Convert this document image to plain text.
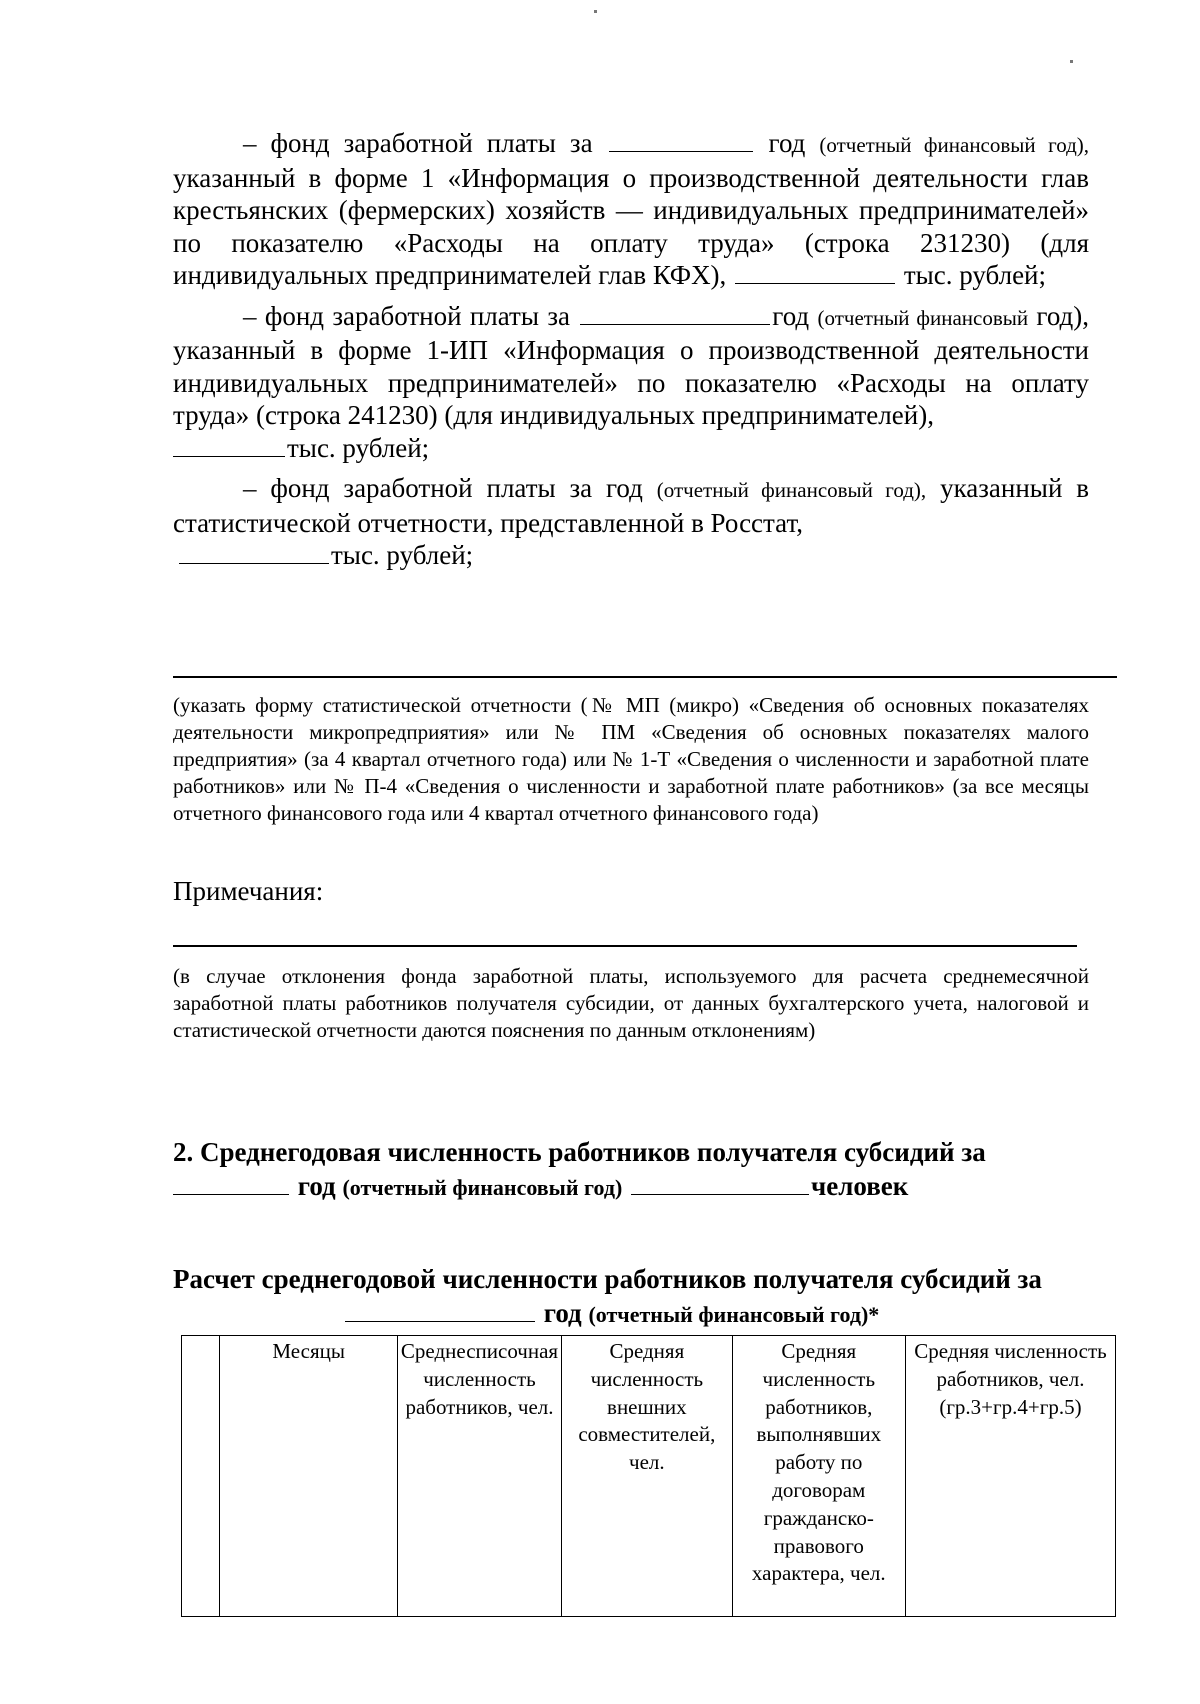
– фонд заработной платы за	год (отчетный финансовый год), указанный в форме 1 «Информация о производственной деятельности глав крестьянских (фермерских) хозяйств — индивидуальных предпринимателей» по показателю «Расходы на оплату труда» (строка 231230) (для индивидуальных предпринимателей глав КФХ),	тыс. рублей;

– фонд заработной платы за	год (отчетный финансовый год), указанный в форме 1-ИП «Информация о производственной деятельности индивидуальных предпринимателей» по показателю «Расходы на оплату труда» (строка 241230) (для индивидуальных предпринимателей),
тыс. рублей;

– фонд заработной платы за год (отчетный финансовый год), указанный в статистической отчетности, представленной в Росстат,
тыс. рублей;

(указать форму статистической отчетности (№ МП (микро) «Сведения об основных показателях деятельности микропредприятия» или № ПМ «Сведения об основных показателях малого предприятия» (за 4 квартал отчетного года) или № 1-Т «Сведения о численности и заработной плате работников» или № П-4 «Сведения о численности и заработной плате работников» (за все месяцы отчетного финансового года или 4 квартал отчетного финансового года)

Примечания:

(в случае отклонения фонда заработной платы, используемого для расчета среднемесячной заработной платы работников получателя субсидии, от данных бухгалтерского учета, налоговой и статистической отчетности даются пояснения по данным отклонениям)

2. Среднегодовая численность работников получателя субсидий за
год (отчетный финансовый год)	человек

Расчет среднегодовой численности работников получателя субсидий за
год (отчетный финансовый год)*
	Месяцы	Среднесписочная численность работников, чел.	Средняя численность внешних совместителей, чел.	Средняя численность работников, выполнявших работу по договорам гражданско-правового характера, чел.	Средняя численность работников, чел. (гр.3+гр.4+гр.5)
